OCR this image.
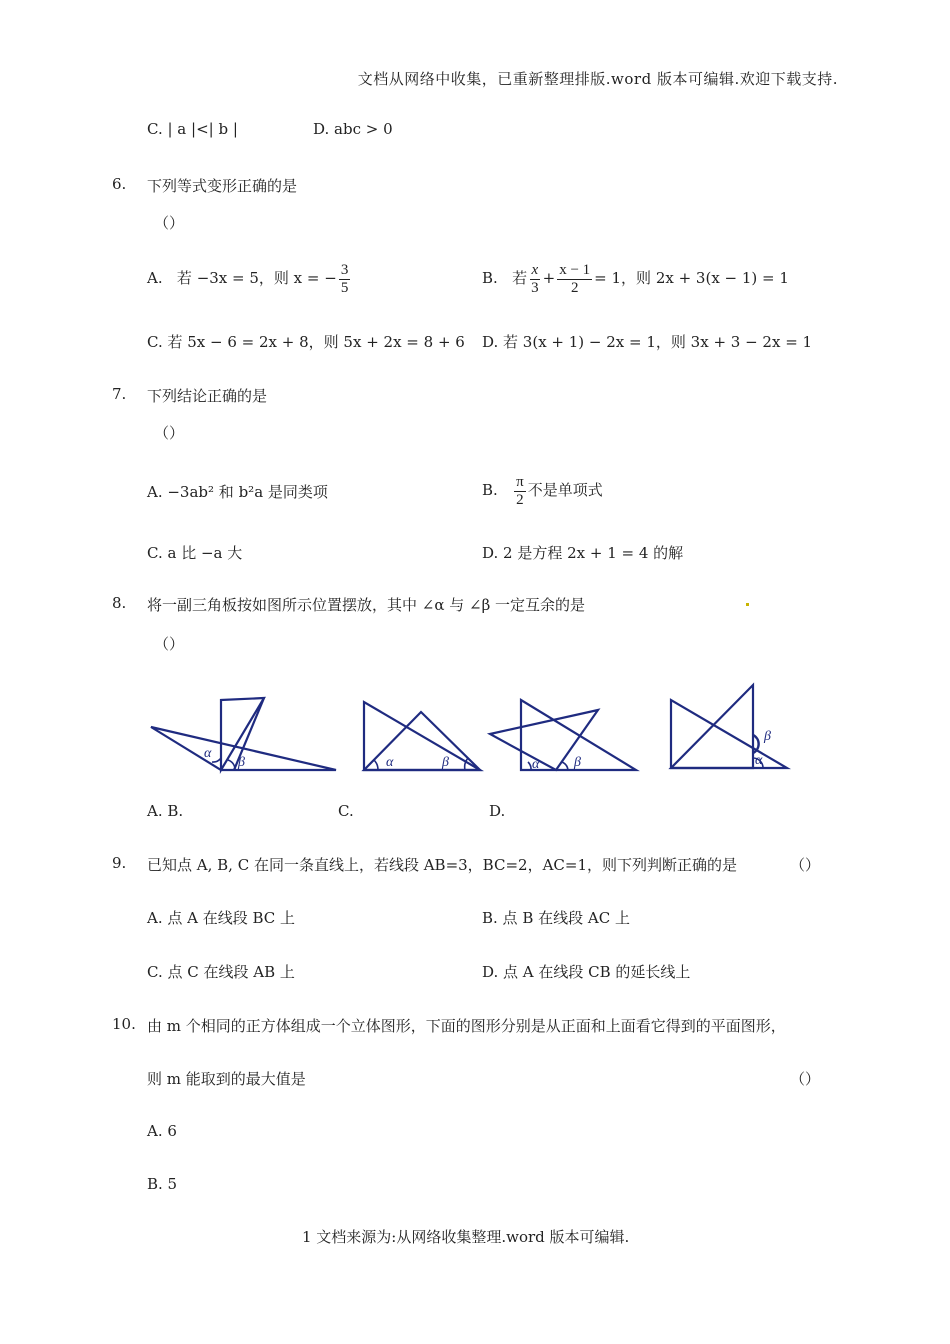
文档从网络中收集，已重新整理排版.word 版本可编辑.欢迎下载支持.
C. | a |<| b |	D. abc > 0
6. 下列等式变形正确的是
（）
A. 若 −3x = 5，则 x = − $\frac{3}{5}$	B. 若 $\frac{x}{3} + \frac{x - 1}{2} = 1$，则 2x + 3(x − 1) = 1
C. 若 5x − 6 = 2x + 8，则 5x + 2x = 8 + 6 D. 若 3(x + 1) − 2x = 1，则 3x + 3 − 2x = 1
7. 下列结论正确的是
（）
A. −3ab² 和 b²a 是同类项	B. $\frac{\pi}{2}$ 不是单项式
C. a 比 −a 大	D. 2 是方程 2x + 1 = 4 的解
8. 将一副三角板按如图所示位置摆放，其中 ∠α 与 ∠β 一定互余的是
（）
α
β	α	β	α β
β
α
A. B.	C.	D.
9. 已知点 A, B, C 在同一条直线上，若线段 AB=3，BC=2，AC=1，则下列判断正确的是	（）
A. 点 A 在线段 BC 上	B. 点 B 在线段 AC 上
C. 点 C 在线段 AB 上	D. 点 A 在线段 CB 的延长线上
10. 由 m 个相同的正方体组成一个立体图形，下面的图形分别是从正面和上面看它得到的平面图形，
则 m 能取到的最大值是	（）
A. 6
B. 5
1 文档来源为:从网络收集整理.word 版本可编辑.
